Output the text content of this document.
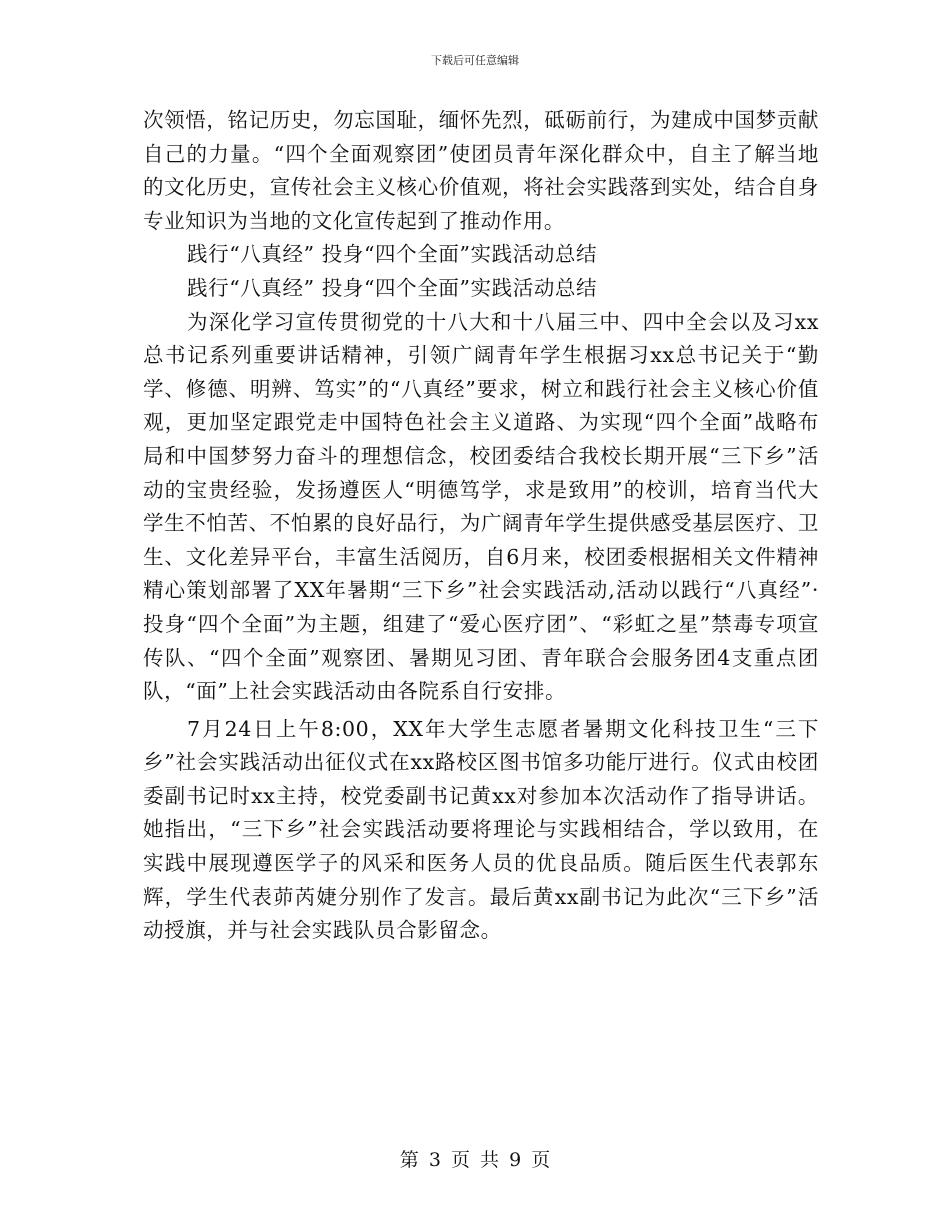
下载后可任意编辑

次领悟，铭记历史，勿忘国耻，缅怀先烈，砥砺前行，为建成中国梦贡献自己的力量。“四个全面观察团”使团员青年深化群众中，自主了解当地的文化历史，宣传社会主义核心价值观，将社会实践落到实处，结合自身专业知识为当地的文化宣传起到了推动作用。

践行“八真经” 投身“四个全面”实践活动总结

践行“八真经” 投身“四个全面”实践活动总结

为深化学习宣传贯彻党的十八大和十八届三中、四中全会以及习xx总书记系列重要讲话精神，引领广阔青年学生根据习xx总书记关于“勤学、修德、明辨、笃实”的“八真经”要求，树立和践行社会主义核心价值观，更加坚定跟党走中国特色社会主义道路、为实现“四个全面”战略布局和中国梦努力奋斗的理想信念，校团委结合我校长期开展“三下乡”活动的宝贵经验，发扬遵医人“明德笃学，求是致用”的校训，培育当代大学生不怕苦、不怕累的良好品行，为广阔青年学生提供感受基层医疗、卫生、文化差异平台，丰富生活阅历，自6月来，校团委根据相关文件精神精心策划部署了XX年暑期“三下乡”社会实践活动,活动以践行“八真经”·投身“四个全面”为主题，组建了“爱心医疗团”、“彩虹之星”禁毒专项宣传队、“四个全面”观察团、暑期见习团、青年联合会服务团4支重点团队，“面”上社会实践活动由各院系自行安排。

7月24日上午8:00，XX年大学生志愿者暑期文化科技卫生“三下乡”社会实践活动出征仪式在xx路校区图书馆多功能厅进行。仪式由校团委副书记时xx主持，校党委副书记黄xx对参加本次活动作了指导讲话。她指出，“三下乡”社会实践活动要将理论与实践相结合，学以致用，在实践中展现遵医学子的风采和医务人员的优良品质。随后医生代表郭东辉，学生代表茆芮婕分别作了发言。最后黄xx副书记为此次“三下乡”活动授旗，并与社会实践队员合影留念。

第 3 页 共 9 页
